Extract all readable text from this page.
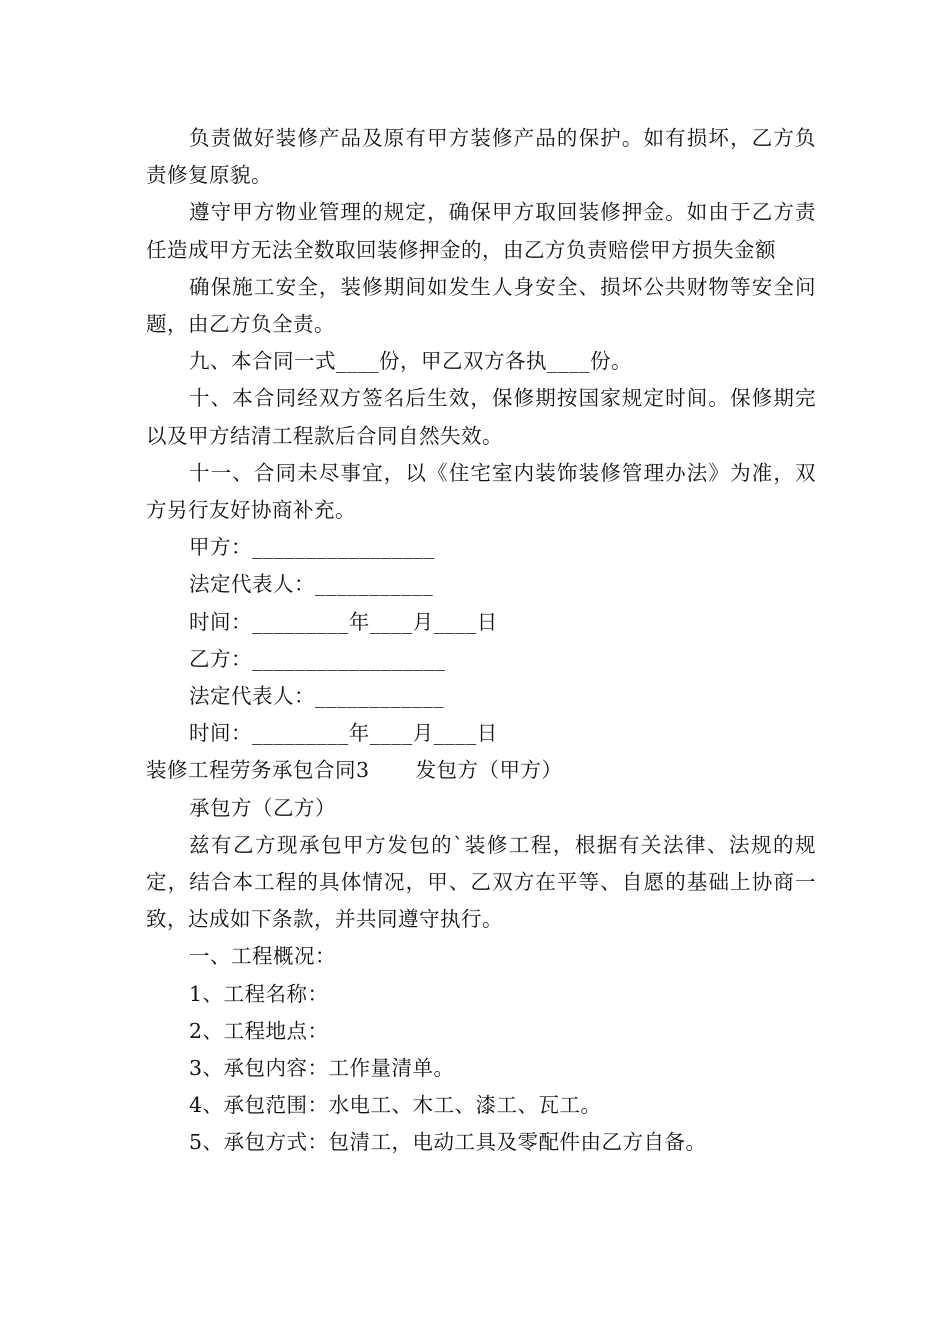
负责做好装修产品及原有甲方装修产品的保护。如有损坏，乙方负责修复原貌。

遵守甲方物业管理的规定，确保甲方取回装修押金。如由于乙方责任造成甲方无法全数取回装修押金的，由乙方负责赔偿甲方损失金额

确保施工安全，装修期间如发生人身安全、损坏公共财物等安全问题，由乙方负全责。

九、本合同一式____份，甲乙双方各执____份。

十、本合同经双方签名后生效，保修期按国家规定时间。保修期完以及甲方结清工程款后合同自然失效。

十一、合同未尽事宜，以《住宅室内装饰装修管理办法》为准，双方另行友好协商补充。

甲方：_________________

法定代表人：___________

时间：_________年____月____日

乙方：__________________

法定代表人：____________

时间：_________年____月____日

装修工程劳务承包合同3 发包方（甲方）

承包方（乙方）

兹有乙方现承包甲方发包的`装修工程，根据有关法律、法规的规定，结合本工程的具体情况，甲、乙双方在平等、自愿的基础上协商一致，达成如下条款，并共同遵守执行。

一、工程概况：

1、工程名称：

2、工程地点：

3、承包内容：工作量清单。

4、承包范围：水电工、木工、漆工、瓦工。

5、承包方式：包清工，电动工具及零配件由乙方自备。
